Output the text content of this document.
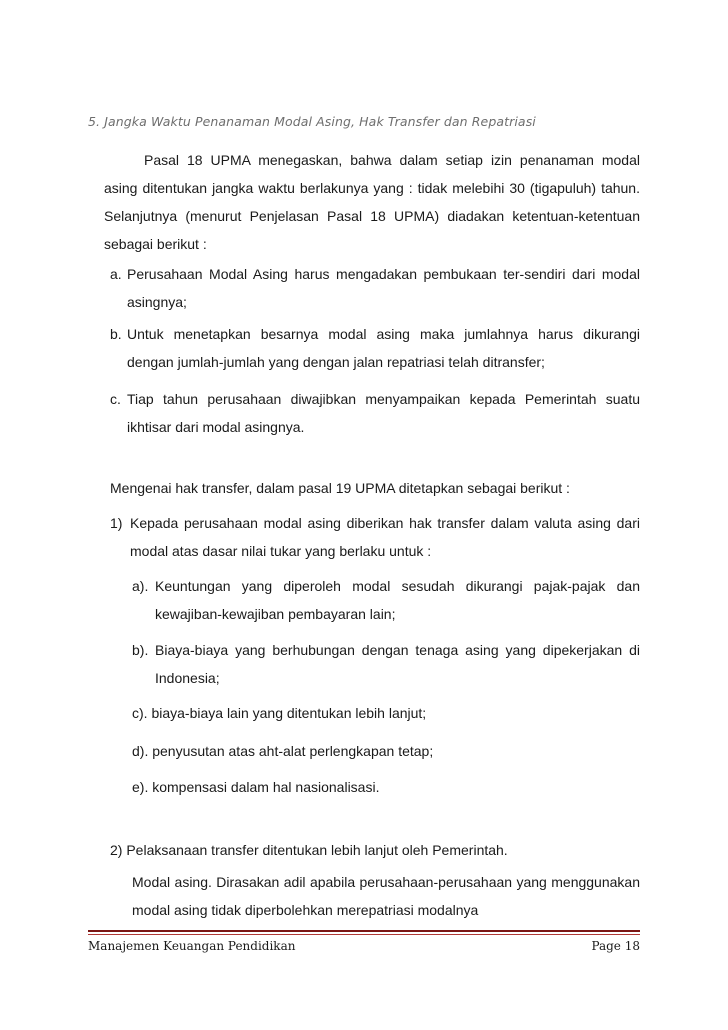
5. Jangka Waktu Penanaman Modal Asing, Hak Transfer dan Repatriasi
Pasal 18 UPMA menegaskan, bahwa dalam setiap izin penanaman modal asing ditentukan jangka waktu berlakunya yang : tidak melebihi 30 (tigapuluh) tahun. Selanjutnya (menurut Penjelasan Pasal 18 UPMA) diadakan ketentuan-ketentuan sebagai berikut :
a. Perusahaan Modal Asing harus mengadakan pembukaan ter-sendiri dari modal asingnya;
b. Untuk menetapkan besarnya modal asing maka jumlahnya harus dikurangi dengan jumlah-jumlah yang dengan jalan repatriasi telah ditransfer;
c. Tiap tahun perusahaan diwajibkan menyampaikan kepada Pemerintah suatu ikhtisar dari modal asingnya.
Mengenai hak transfer, dalam pasal 19 UPMA ditetapkan sebagai berikut :
1) Kepada perusahaan modal asing diberikan hak transfer dalam valuta asing dari modal atas dasar nilai tukar yang berlaku untuk :
a). Keuntungan yang diperoleh modal sesudah dikurangi pajak-pajak dan kewajiban-kewajiban pembayaran lain;
b). Biaya-biaya yang berhubungan dengan tenaga asing yang dipekerjakan di Indonesia;
c). biaya-biaya lain yang ditentukan lebih lanjut;
d). penyusutan atas aht-alat perlengkapan tetap;
e). kompensasi dalam hal nasionalisasi.
2) Pelaksanaan transfer ditentukan lebih lanjut oleh Pemerintah.
Modal asing. Dirasakan adil apabila perusahaan-perusahaan yang menggunakan modal asing tidak diperbolehkan merepatriasi modalnya
Manajemen Keuangan Pendidikan	Page 18
